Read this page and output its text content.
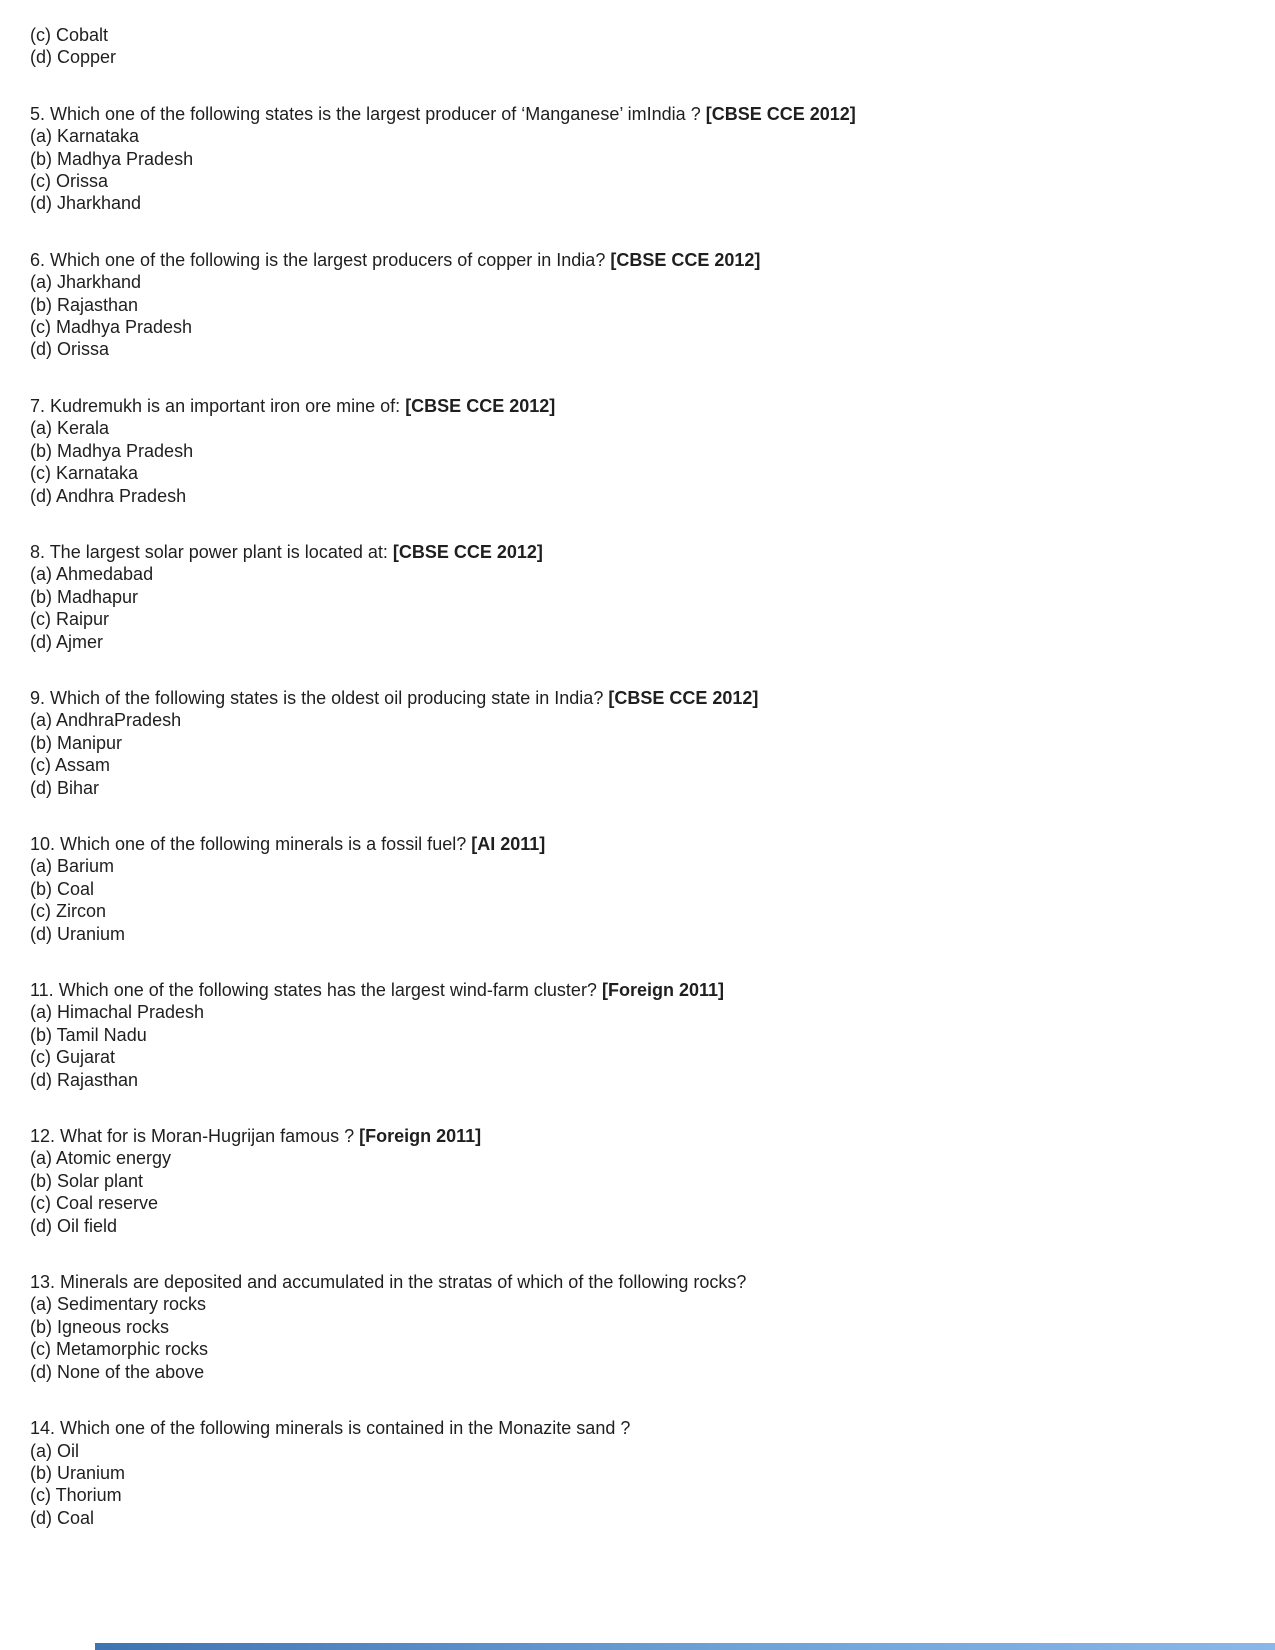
(c) Cobalt
(d) Copper
5. Which one of the following states is the largest producer of ‘Manganese’ imIndia ? [CBSE CCE 2012]
(a) Karnataka
(b) Madhya Pradesh
(c) Orissa
(d) Jharkhand
6. Which one of the following is the largest producers of copper in India? [CBSE CCE 2012]
(a) Jharkhand
(b) Rajasthan
(c) Madhya Pradesh
(d) Orissa
7. Kudremukh is an important iron ore mine of: [CBSE CCE 2012]
(a) Kerala
(b) Madhya Pradesh
(c) Karnataka
(d) Andhra Pradesh
8. The largest solar power plant is located at: [CBSE CCE 2012]
(a) Ahmedabad
(b) Madhapur
(c) Raipur
(d) Ajmer
9. Which of the following states is the oldest oil producing state in India? [CBSE CCE 2012]
(a) AndhraPradesh
(b) Manipur
(c) Assam
(d) Bihar
10. Which one of the following minerals is a fossil fuel? [AI 2011]
(a) Barium
(b) Coal
(c) Zircon
(d) Uranium
11. Which one of the following states has the largest wind-farm cluster? [Foreign 2011]
(a) Himachal Pradesh
(b) Tamil Nadu
(c) Gujarat
(d) Rajasthan
12. What for is Moran-Hugrijan famous ? [Foreign 2011]
(a) Atomic energy
(b) Solar plant
(c) Coal reserve
(d) Oil field
13. Minerals are deposited and accumulated in the stratas of which of the following rocks?
(a) Sedimentary rocks
(b) Igneous rocks
(c) Metamorphic rocks
(d) None of the above
14. Which one of the following minerals is contained in the Monazite sand ?
(a) Oil
(b) Uranium
(c) Thorium
(d) Coal
